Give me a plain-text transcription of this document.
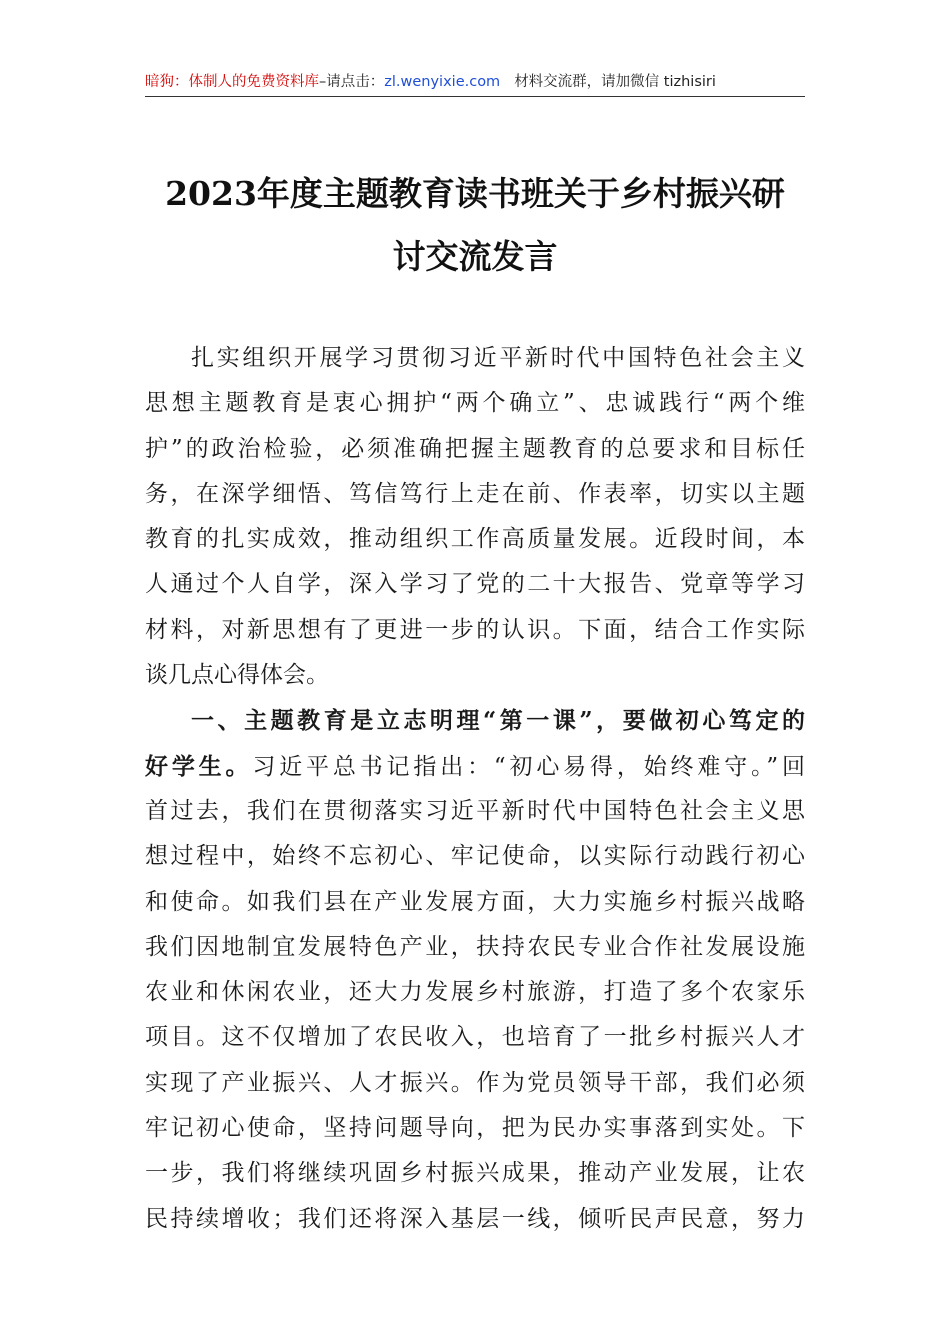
暗狗：体制人的免费资料库–请点击：zl.wenyixie.com 材料交流群，请加微信 tizhisiri
2023年度主题教育读书班关于乡村振兴研
讨交流发言
扎实组织开展学习贯彻习近平新时代中国特色社会主义
思想主题教育是衷心拥护“两个确立”、忠诚践行“两个维
护”的政治检验，必须准确把握主题教育的总要求和目标任
务，在深学细悟、笃信笃行上走在前、作表率，切实以主题
教育的扎实成效，推动组织工作高质量发展。近段时间，本
人通过个人自学，深入学习了党的二十大报告、党章等学习
材料，对新思想有了更进一步的认识。下面，结合工作实际
谈几点心得体会。
一、主题教育是立志明理“第一课”，要做初心笃定的
好学生。习近平总书记指出：“初心易得，始终难守。”回
首过去，我们在贯彻落实习近平新时代中国特色社会主义思
想过程中，始终不忘初心、牢记使命，以实际行动践行初心
和使命。如我们县在产业发展方面，大力实施乡村振兴战略
我们因地制宜发展特色产业，扶持农民专业合作社发展设施
农业和休闲农业，还大力发展乡村旅游，打造了多个农家乐
项目。这不仅增加了农民收入，也培育了一批乡村振兴人才
实现了产业振兴、人才振兴。作为党员领导干部，我们必须
牢记初心使命，坚持问题导向，把为民办实事落到实处。下
一步，我们将继续巩固乡村振兴成果，推动产业发展，让农
民持续增收；我们还将深入基层一线，倾听民声民意，努力
